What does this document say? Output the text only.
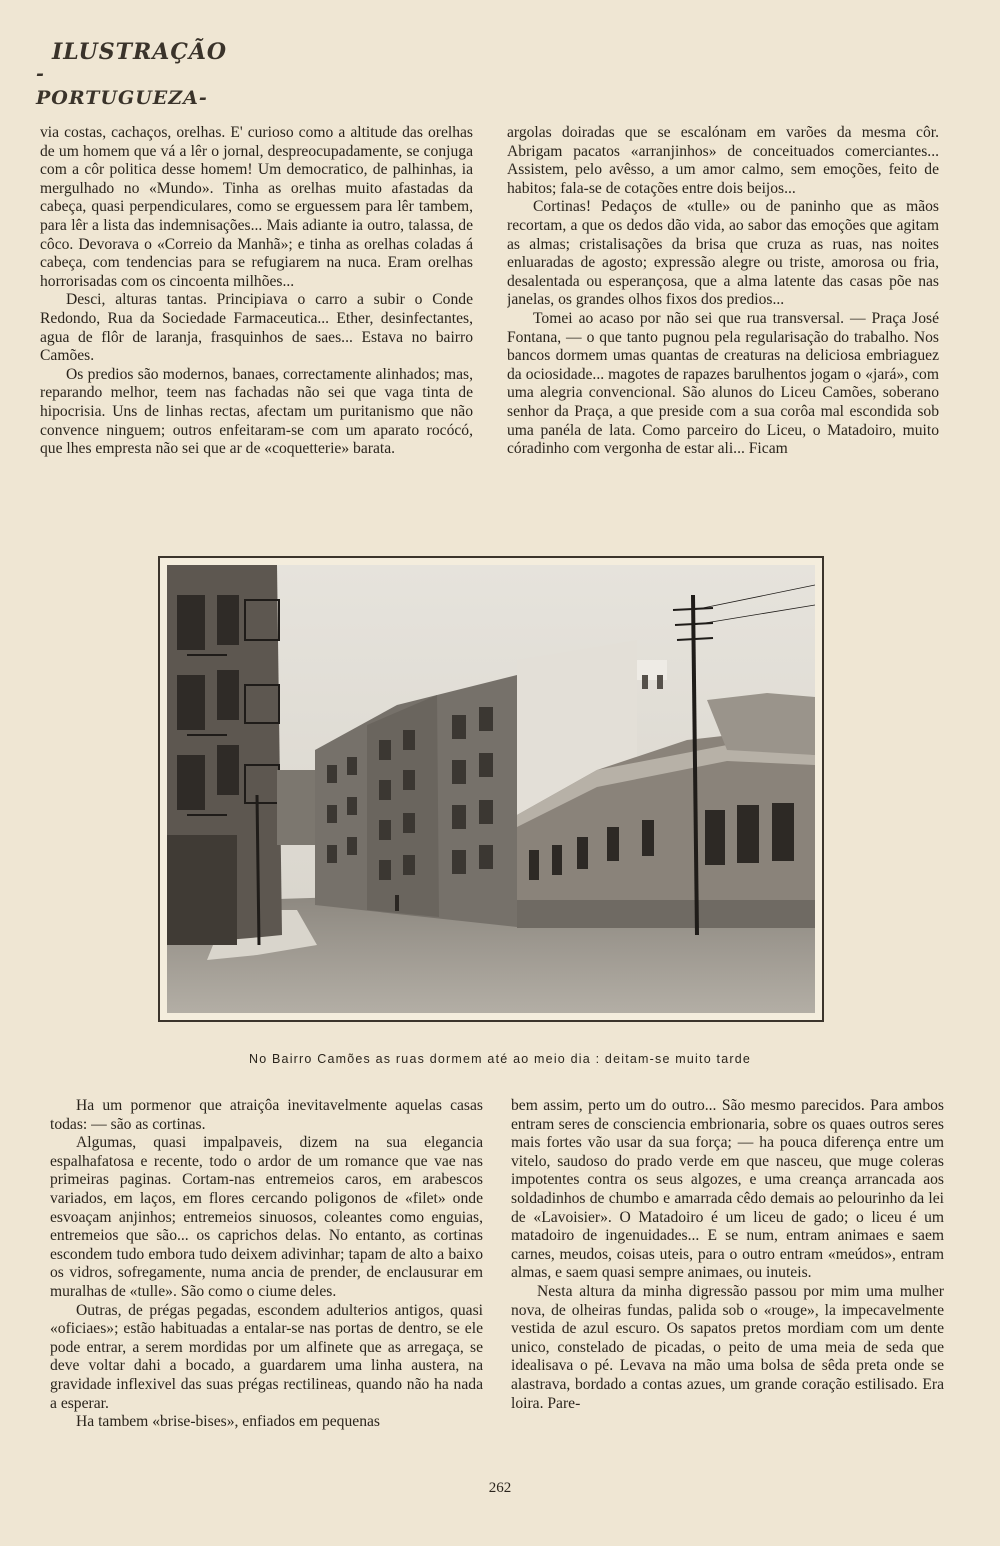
ILUSTRAÇÃO
-PORTUGUEZA-

via costas, cachaços, orelhas. E' curioso como a altitude das orelhas de um homem que vá a lêr o jornal, despreocupadamente, se conjuga com a côr politica desse homem! Um democratico, de palhinhas, ia mergulhado no «Mundo». Tinha as orelhas muito afastadas da cabeça, quasi perpendiculares, como se erguessem para lêr tambem, para lêr a lista das indemnisações... Mais adiante ia outro, talassa, de côco. Devorava o «Correio da Manhã»; e tinha as orelhas coladas á cabeça, com tendencias para se refugiarem na nuca. Eram orelhas horrorisadas com os cincoenta milhões...

Desci, alturas tantas. Principiava o carro a subir o Conde Redondo, Rua da Sociedade Farmaceutica... Ether, desinfectantes, agua de flôr de laranja, frasquinhos de saes... Estava no bairro Camões.

Os predios são modernos, banaes, correctamente alinhados; mas, reparando melhor, teem nas fachadas não sei que vaga tinta de hipocrisia. Uns de linhas rectas, afectam um puritanismo que não convence ninguem; outros enfeitaram-se com um aparato rocócó, que lhes empresta não sei que ar de «coquetterie» barata.

argolas doiradas que se escalónam em varões da mesma côr. Abrigam pacatos «arranjinhos» de conceituados comerciantes... Assistem, pelo avêsso, a um amor calmo, sem emoções, feito de habitos; fala-se de cotações entre dois beijos...

Cortinas! Pedaços de «tulle» ou de paninho que as mãos recortam, a que os dedos dão vida, ao sabor das emoções que agitam as almas; cristalisações da brisa que cruza as ruas, nas noites enluaradas de agosto; expressão alegre ou triste, amorosa ou fria, desalentada ou esperançosa, que a alma latente das casas põe nas janelas, os grandes olhos fixos dos predios...

Tomei ao acaso por não sei que rua transversal. — Praça José Fontana, — o que tanto pugnou pela regularisação do trabalho. Nos bancos dormem umas quantas de creaturas na deliciosa embriaguez da ociosidade... magotes de rapazes barulhentos jogam o «jará», com uma alegria convencional. São alunos do Liceu Camões, soberano senhor da Praça, a que preside com a sua corôa mal escondida sob uma panéla de lata. Como parceiro do Liceu, o Matadoiro, muito córadinho com vergonha de estar ali... Ficam

No Bairro Camões as ruas dormem até ao meio dia : deitam-se muito tarde

Ha um pormenor que atraiçôa inevitavelmente aquelas casas todas: — são as cortinas.

Algumas, quasi impalpaveis, dizem na sua elegancia espalhafatosa e recente, todo o ardor de um romance que vae nas primeiras paginas. Cortam-nas entremeios caros, em arabescos variados, em laços, em flores cercando poligonos de «filet» onde esvoaçam anjinhos; entremeios sinuosos, coleantes como enguias, entremeios que são... os caprichos delas. No entanto, as cortinas escondem tudo embora tudo deixem adivinhar; tapam de alto a baixo os vidros, sofregamente, numa ancia de prender, de enclausurar em muralhas de «tulle». São como o ciume deles.

Outras, de prégas pegadas, escondem adulterios antigos, quasi «oficiaes»; estão habituadas a entalar-se nas portas de dentro, se ele pode entrar, a serem mordidas por um alfinete que as arregaça, se deve voltar dahi a bocado, a guardarem uma linha austera, na gravidade inflexivel das suas prégas rectilineas, quando não ha nada a esperar.

Ha tambem «brise-bises», enfiados em pequenas

bem assim, perto um do outro... São mesmo parecidos. Para ambos entram seres de consciencia embrionaria, sobre os quaes outros seres mais fortes vão usar da sua força; — ha pouca diferença entre um vitelo, saudoso do prado verde em que nasceu, que muge coleras impotentes contra os seus algozes, e uma creança arrancada aos soldadinhos de chumbo e amarrada cêdo demais ao pelourinho da lei de «Lavoisier». O Matadoiro é um liceu de gado; o liceu é um matadoiro de ingenuidades... E se num, entram animaes e saem carnes, meudos, coisas uteis, para o outro entram «meúdos», entram almas, e saem quasi sempre animaes, ou inuteis.

Nesta altura da minha digressão passou por mim uma mulher nova, de olheiras fundas, palida sob o «rouge», la impecavelmente vestida de azul escuro. Os sapatos pretos mordiam com um dente unico, constelado de picadas, o peito de uma meia de seda que idealisava o pé. Levava na mão uma bolsa de sêda preta onde se alastrava, bordado a contas azues, um grande coração estilisado. Era loira. Pare-

262
